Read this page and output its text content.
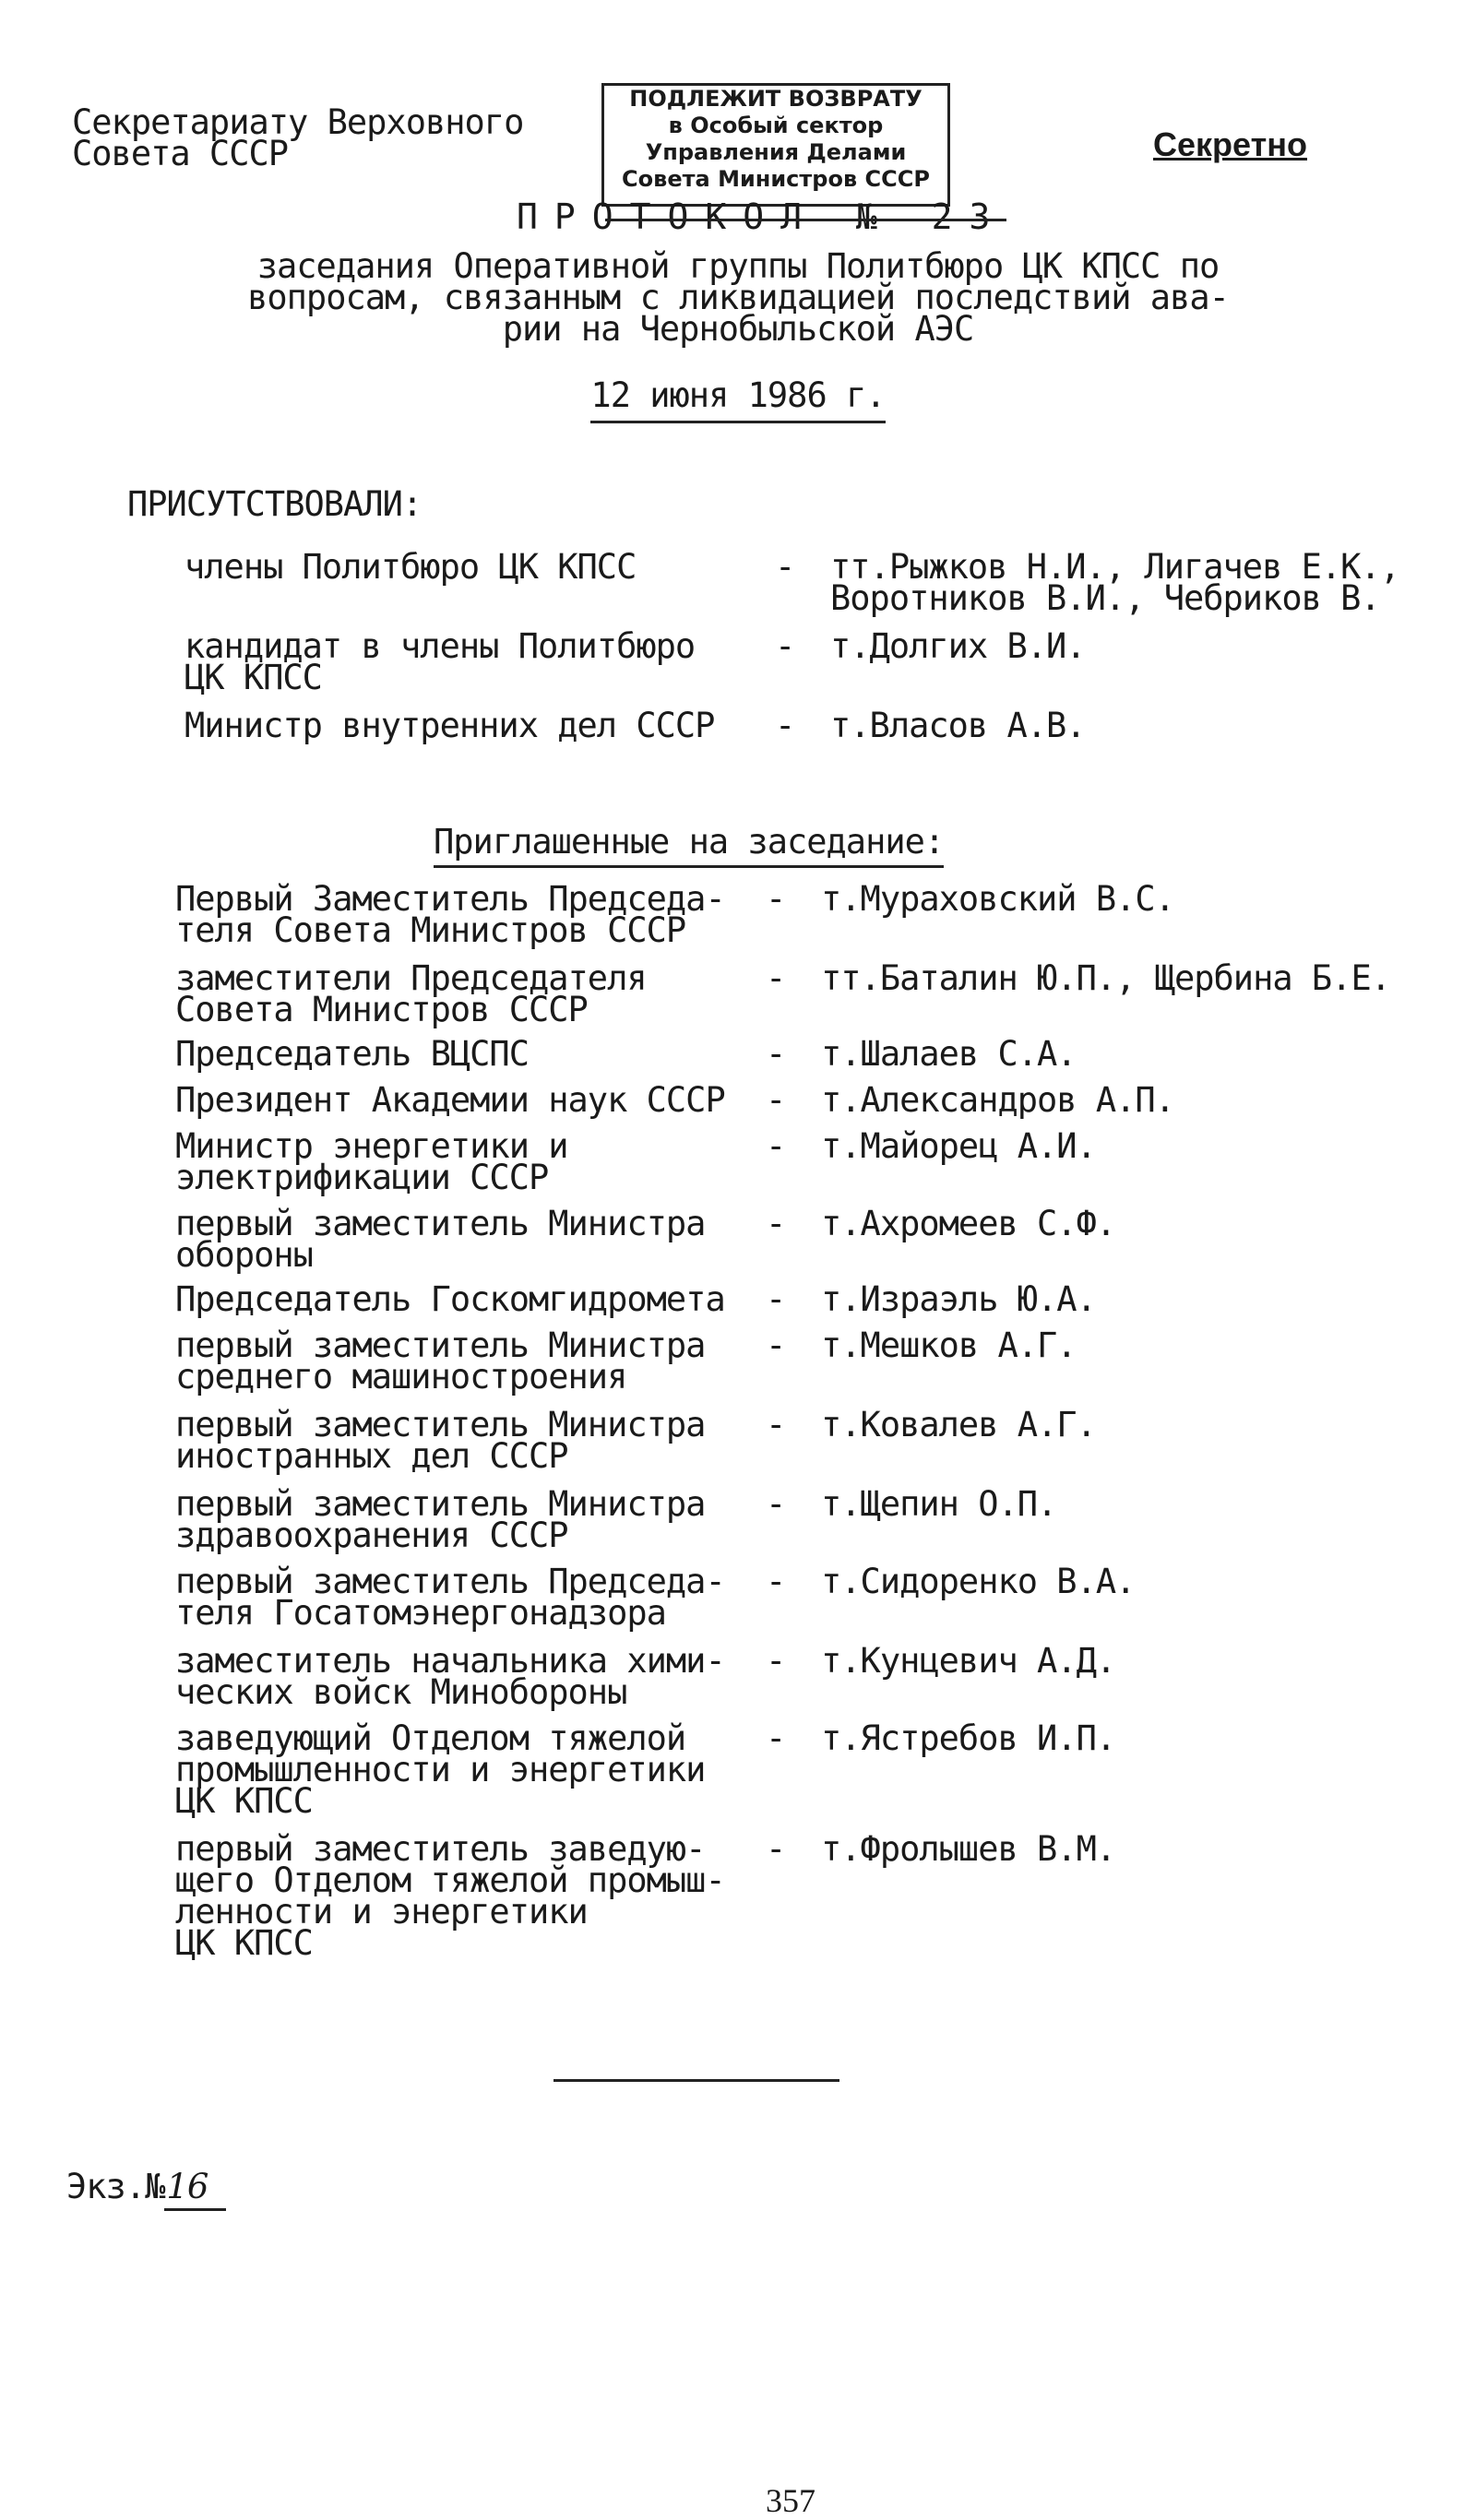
Секретариату Верховного
Совета СССР
ПОДЛЕЖИТ ВОЗВРАТУ
в Особый сектор
Управления Делами
Совета Министров СССР
Секретно
ПРОТОКОЛ № 23
заседания Оперативной группы Политбюро ЦК КПСС по
вопросам, связанным с ликвидацией последствий ава-
рии на Чернобыльской АЭС
12 июня 1986 г.
ПРИСУТСТВОВАЛИ:
члены Политбюро ЦК КПСС	- тт.Рыжков Н.И., Лигачев Е.К.,
Воротников В.И., Чебриков В.
кандидат в члены Политбюро
ЦК КПСС
- т.Долгих В.И.
Министр внутренних дел СССР	- т.Власов А.В.
Приглашенные на заседание:
Первый Заместитель Председа-
теля Совета Министров СССР
- т.Мураховский В.С.
заместители Председателя
Совета Министров СССР
- тт.Баталин Ю.П., Щербина Б.Е.
Председатель ВЦСПС	- т.Шалаев С.А.
Президент Академии наук СССР	- т.Александров А.П.
Министр энергетики и
электрификации СССР
- т.Майорец А.И.
первый заместитель Министра
обороны
- т.Ахромеев С.Ф.
Председатель Госкомгидромета	- т.Израэль Ю.А.
первый заместитель Министра
среднего машиностроения
- т.Мешков А.Г.
первый заместитель Министра
иностранных дел СССР
- т.Ковалев А.Г.
первый заместитель Министра
здравоохранения СССР
- т.Щепин О.П.
первый заместитель Председа-
теля Госатомэнергонадзора
- т.Сидоренко В.А.
заместитель начальника хими-
ческих войск Минобороны
- т.Кунцевич А.Д.
заведующий Отделом тяжелой
промышленности и энергетики
ЦК КПСС
- т.Ястребов И.П.
первый заместитель заведую-
щего Отделом тяжелой промыш-
ленности и энергетики
ЦК КПСС
- т.Фролышев В.М.
Экз.№16
357
